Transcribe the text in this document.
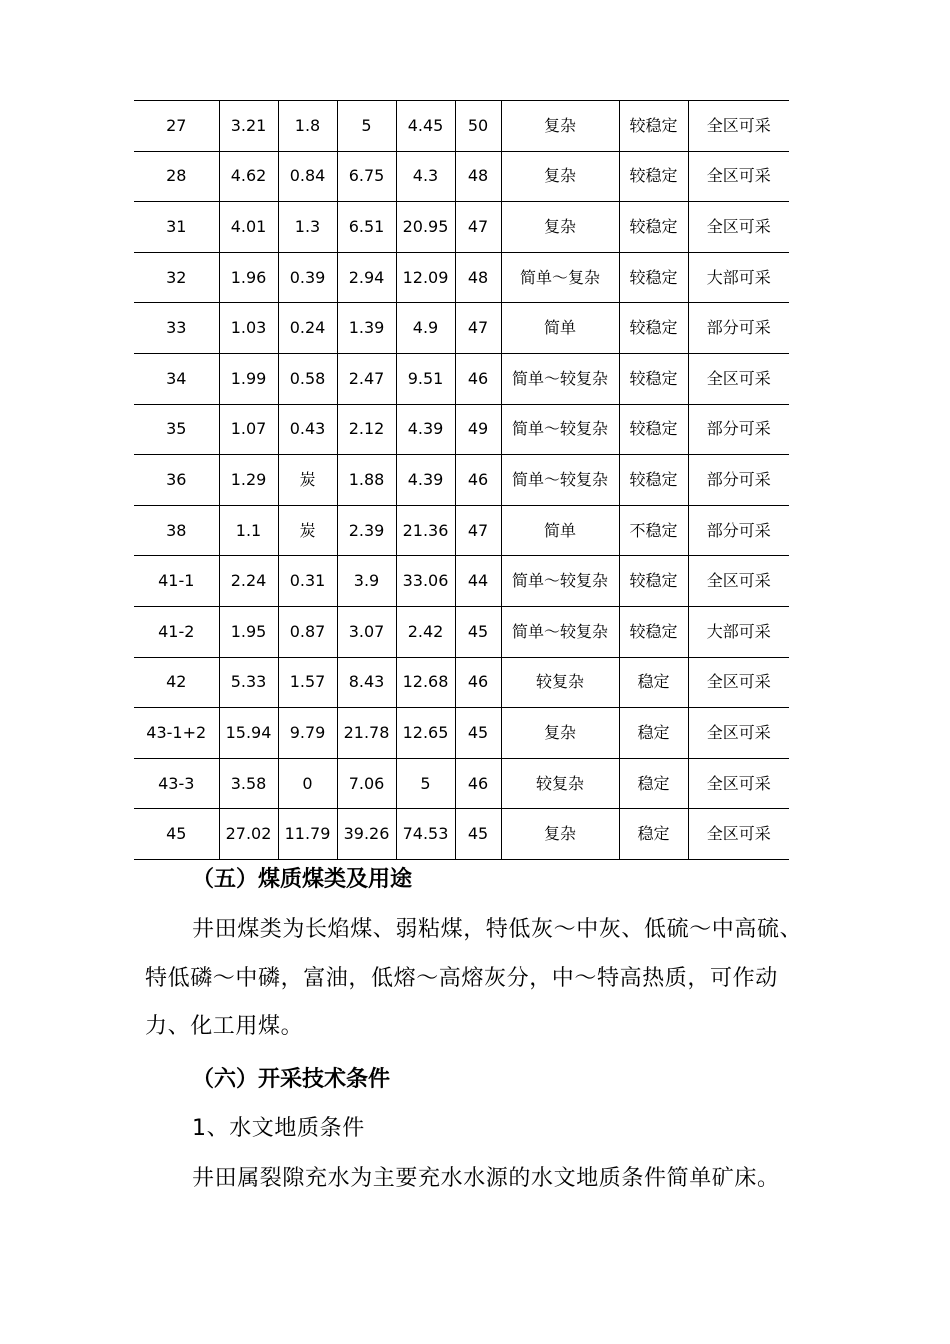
27	3.21	1.8	5	4.45	50	复杂	较稳定	全区可采
28	4.62	0.84	6.75	4.3	48	复杂	较稳定	全区可采
31	4.01	1.3	6.51	20.95	47	复杂	较稳定	全区可采
32	1.96	0.39	2.94	12.09	48	简单～复杂	较稳定	大部可采
33	1.03	0.24	1.39	4.9	47	简单	较稳定	部分可采
34	1.99	0.58	2.47	9.51	46	简单～较复杂	较稳定	全区可采
35	1.07	0.43	2.12	4.39	49	简单～较复杂	较稳定	部分可采
36	1.29	炭	1.88	4.39	46	简单～较复杂	较稳定	部分可采
38	1.1	炭	2.39	21.36	47	简单	不稳定	部分可采
41-1	2.24	0.31	3.9	33.06	44	简单～较复杂	较稳定	全区可采
41-2	1.95	0.87	3.07	2.42	45	简单～较复杂	较稳定	大部可采
42	5.33	1.57	8.43	12.68	46	较复杂	稳定	全区可采
43-1+2	15.94	9.79	21.78	12.65	45	复杂	稳定	全区可采
43-3	3.58	0	7.06	5	46	较复杂	稳定	全区可采
45	27.02	11.79	39.26	74.53	45	复杂	稳定	全区可采
（五）煤质煤类及用途
井田煤类为长焰煤、弱粘煤，特低灰～中灰、低硫～中高硫、特低磷～中磷，富油，低熔～高熔灰分，中～特高热质，可作动力、化工用煤。
（六）开采技术条件
1、水文地质条件
井田属裂隙充水为主要充水水源的水文地质条件简单矿床。
